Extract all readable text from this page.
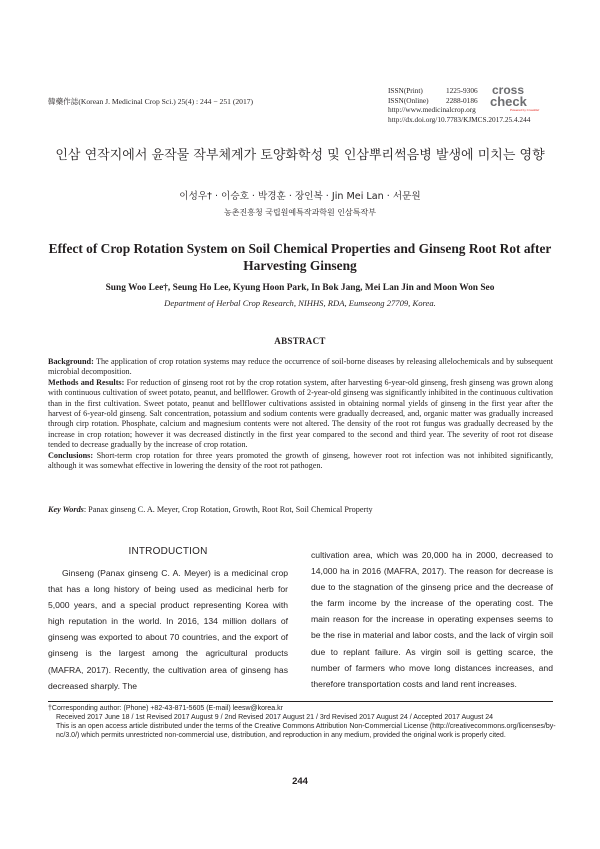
韓藥作誌(Korean J. Medicinal Crop Sci.) 25(4) : 244 − 251 (2017)
ISSN(Print)	1225-9306
ISSN(Online) 2288-0186
http://www.medicinalcrop.org
http://dx.doi.org/10.7783/KJMCS.2017.25.4.244
cross
check
Powered by CrossRef
인삼 연작지에서 윤작물 작부체계가 토양화학성 및 인삼뿌리썩음병 발생에 미치는 영향
이성우† · 이승호 · 박경훈 · 장인복 · Jin Mei Lan · 서문원
농촌진흥청 국립원예특작과학원 인삼특작부
Effect of Crop Rotation System on Soil Chemical Properties and Ginseng Root Rot after Harvesting Ginseng
Sung Woo Lee†, Seung Ho Lee, Kyung Hoon Park, In Bok Jang, Mei Lan Jin and Moon Won Seo
Department of Herbal Crop Research, NIHHS, RDA, Eumseong 27709, Korea.
ABSTRACT

Background: The application of crop rotation systems may reduce the occurrence of soil-borne diseases by releasing allelochemicals and by subsequent microbial decomposition.

Methods and Results: For reduction of ginseng root rot by the crop rotation system, after harvesting 6-year-old ginseng, fresh ginseng was grown along with continuous cultivation of sweet potato, peanut, and bellflower. Growth of 2-year-old ginseng was significantly inhibited in the continuous cultivation than in the first cultivation. Sweet potato, peanut and bellflower cultivations assisted in obtaining normal yields of ginseng in the first year after the harvest of 6-year-old ginseng. Salt concentration, potassium and sodium contents were gradually decreased, and, organic matter was gradually increased through cirp rotation. Phosphate, calcium and magnesium contents were not altered. The density of the root rot fungus was gradually decreased by the increase in crop rotation; however it was decreased distinctly in the first year compared to the second and third year. The severity of root rot disease tended to decrease gradually by the increase of crop rotation.

Conclusions: Short-term crop rotation for three years promoted the growth of ginseng, however root rot infection was not inhibited significantly, although it was somewhat effective in lowering the density of the root rot pathogen.

Key Words: Panax ginseng C. A. Meyer, Crop Rotation, Growth, Root Rot, Soil Chemical Property
INTRODUCTION
Ginseng (Panax ginseng C. A. Meyer) is a medicinal crop that has a long history of being used as medicinal herb for 5,000 years, and a special product representing Korea with high reputation in the world. In 2016, 134 million dollars of ginseng was exported to about 70 countries, and the export of ginseng is the largest among the agricultural products (MAFRA, 2017). Recently, the cultivation area of ginseng has decreased sharply. The
cultivation area, which was 20,000 ha in 2000, decreased to 14,000 ha in 2016 (MAFRA, 2017). The reason for decrease is due to the stagnation of the ginseng price and the decrease of the farm income by the increase of the operating cost. The main reason for the increase in operating expenses seems to be the rise in material and labor costs, and the lack of virgin soil due to replant failure. As virgin soil is getting scarce, the number of farmers who move long distances increases, and therefore transportation costs and land rent increases.

†Corresponding author: (Phone) +82-43-871-5605 (E-mail) leesw@korea.kr

Received 2017 June 18 / 1st Revised 2017 August 9 / 2nd Revised 2017 August 21 / 3rd Revised 2017 August 24 / Accepted 2017 August 24

This is an open access article distributed under the terms of the Creative Commons Attribution Non-Commercial License (http://creativecommons.org/licenses/by-nc/3.0/) which permits unrestricted non-commercial use, distribution, and reproduction in any medium, provided the original work is properly cited.

244
